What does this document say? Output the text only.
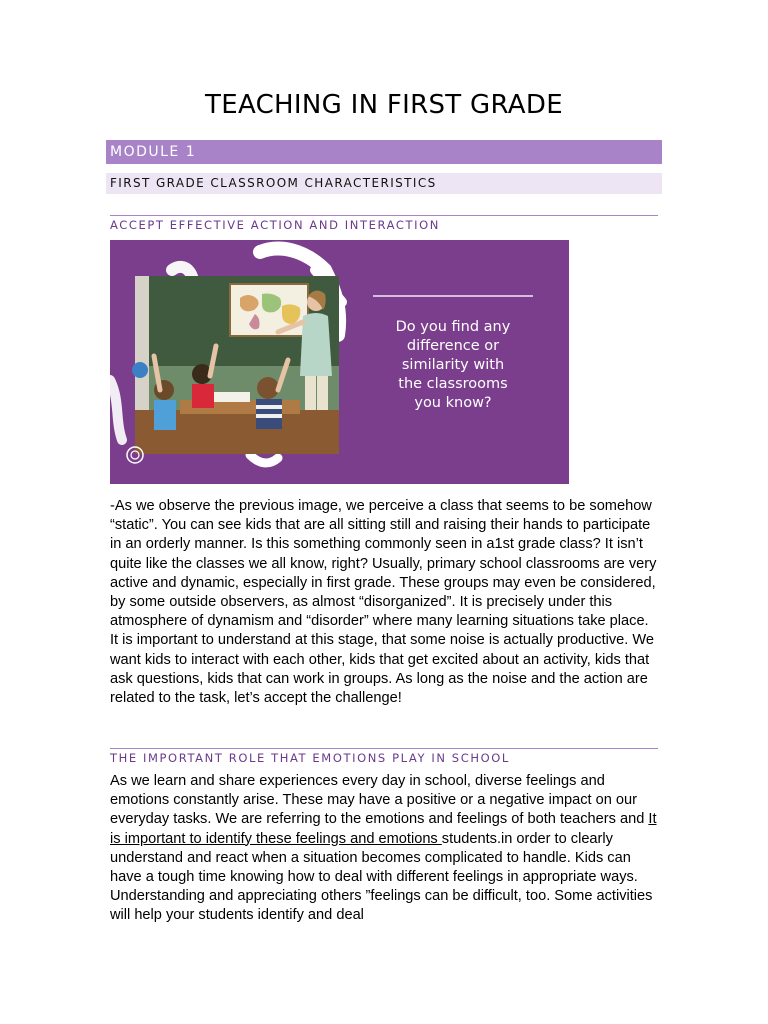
TEACHING IN FIRST GRADE
MODULE 1
FIRST GRADE CLASSROOM CHARACTERISTICS
ACCEPT EFFECTIVE ACTION AND INTERACTION
Do you find any
difference or
similarity with
the classrooms
you know?
-As we observe the previous image, we perceive a class that seems to be somehow “static”. You can see kids that are all sitting still and raising their hands to participate in an orderly manner. Is this something commonly seen in a1st grade class? It isn’t quite like the classes we all know, right? Usually, primary school classrooms are very active and dynamic, especially in first grade. These groups may even be considered, by some outside observers, as almost “disorganized”. It is precisely under this atmosphere of dynamism and “disorder” where many learning situations take place. It is important to understand at this stage, that some noise is actually productive. We want kids to interact with each other, kids that get excited about an activity, kids that ask questions, kids that can work in groups. As long as the noise and the action are related to the task, let’s accept the challenge!
THE IMPORTANT ROLE THAT EMOTIONS PLAY IN SCHOOL
As we learn and share experiences every day in school, diverse feelings and emotions constantly arise. These may have a positive or a negative impact on our everyday tasks. We are referring to the emotions and feelings of both teachers and It is important to identify these feelings and emotions students.in order to clearly understand and react when a situation becomes complicated to handle. Kids can have a tough time knowing how to deal with different feelings in appropriate ways. Understanding and appreciating others ”feelings can be difficult, too. Some activities will help your students identify and deal
